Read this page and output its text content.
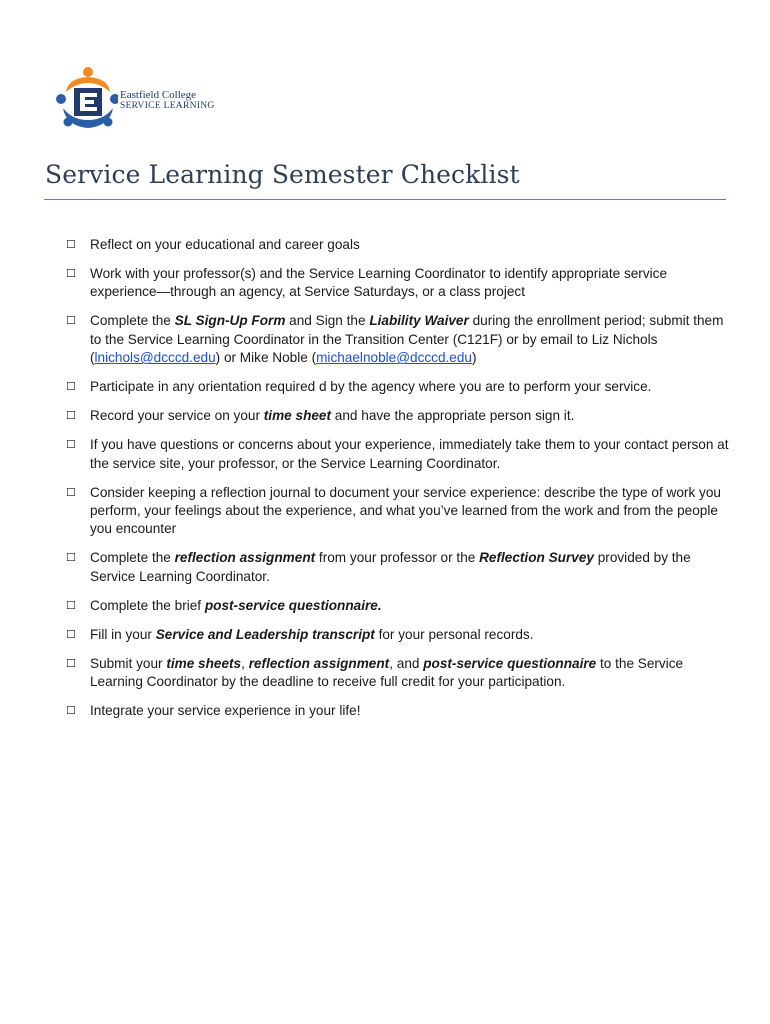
Eastfield College
SERVICE LEARNING
Service Learning Semester Checklist
☐	Reflect on your educational and career goals
☐	Work with your professor(s) and the Service Learning Coordinator to identify appropriate service experience—through an agency, at Service Saturdays, or a class project
☐	Complete the SL Sign-Up Form and Sign the Liability Waiver during the enrollment period; submit them to the Service Learning Coordinator in the Transition Center (C121F) or by email to Liz Nichols (lnichols@dcccd.edu) or Mike Noble (michaelnoble@dcccd.edu)
☐	Participate in any orientation required d by the agency where you are to perform your service.
☐	Record your service on your time sheet and have the appropriate person sign it.
☐	If you have questions or concerns about your experience, immediately take them to your contact person at the service site, your professor, or the Service Learning Coordinator.
☐	Consider keeping a reflection journal to document your service experience: describe the type of work you perform, your feelings about the experience, and what you’ve learned from the work and from the people you encounter
☐	Complete the reflection assignment from your professor or the Reflection Survey provided by the Service Learning Coordinator.
☐	Complete the brief post-service questionnaire.
☐	Fill in your Service and Leadership transcript for your personal records.
☐	Submit your time sheets, reflection assignment, and post-service questionnaire to the Service Learning Coordinator by the deadline to receive full credit for your participation.
☐	Integrate your service experience in your life!
